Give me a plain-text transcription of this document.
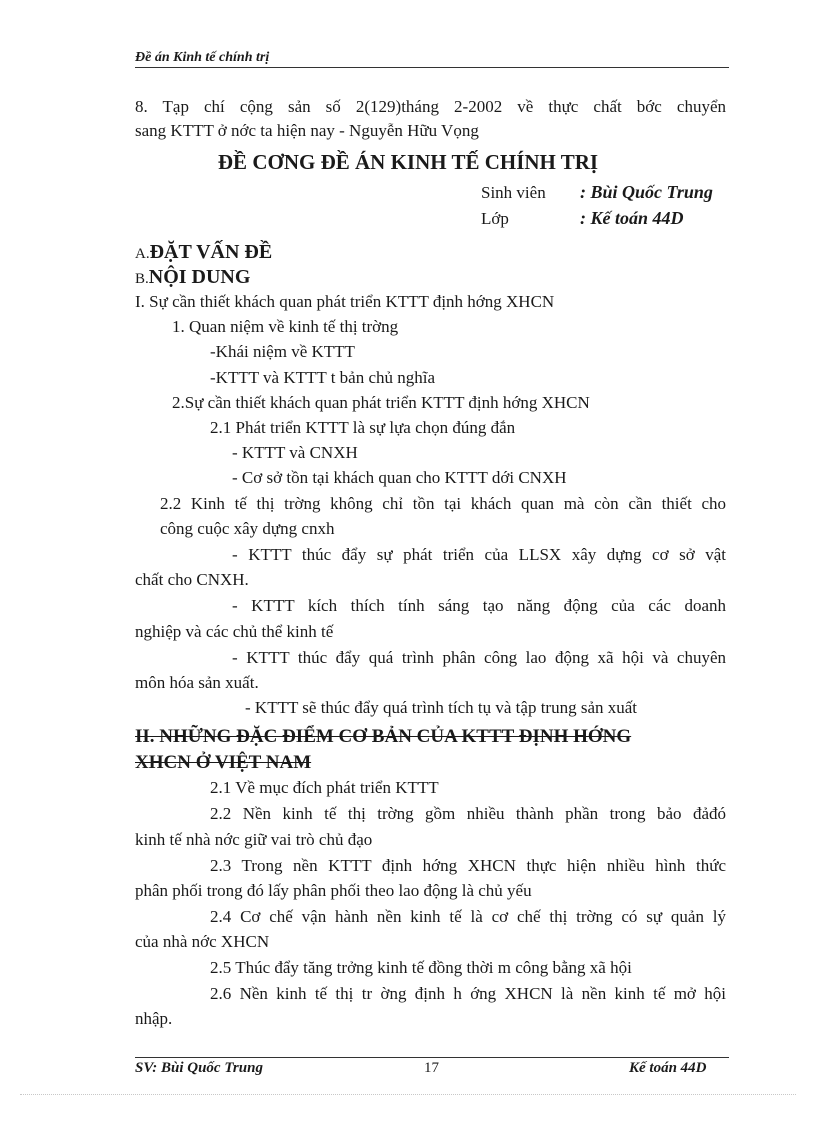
Đề án Kinh tế chính trị
8. Tạp chí cộng sản số 2(129)tháng 2-2002 về thực chất bớc chuyển
sang KTTT ở nớc ta hiện nay - Nguyễn Hữu Vọng
ĐỀ CƠNG ĐỀ ÁN KINH TẾ CHÍNH TRỊ
Sinh viên : Bùi Quốc Trung
Lớp	: Kế toán 44D
A.ĐẶT VẤN ĐỀ
B.NỘI DUNG
I. Sự cần thiết khách quan phát triển KTTT định hớng XHCN
1. Quan niệm về kinh tế thị trờng
-Khái niệm về KTTT
-KTTT và KTTT t bản chủ nghĩa
2.Sự cần thiết khách quan phát triển KTTT định hớng XHCN
2.1 Phát triển KTTT là sự lựa chọn đúng đắn
- KTTT và CNXH
- Cơ sở tồn tại khách quan cho KTTT dới CNXH
2.2 Kinh tế thị trờng không chỉ tồn tại khách quan mà còn cần thiết cho
công cuộc xây dựng cnxh
- KTTT thúc đẩy sự phát triển của LLSX xây dựng cơ sở vật
chất cho CNXH.
- KTTT kích thích tính sáng tạo năng động của các doanh
nghiệp và các chủ thể kinh tế
- KTTT thúc đẩy quá trình phân công lao động xã hội và chuyên
môn hóa sản xuất.
- KTTT sẽ thúc đẩy quá trình tích tụ và tập trung sản xuất
II. NHỮNG ĐẶC ĐIỂM CƠ BẢN CỦA KTTT ĐỊNH HỚNG
XHCN Ở VIỆT NAM
2.1 Về mục đích phát triển KTTT
2.2 Nền kinh tế thị trờng gồm nhiều thành phần trong bảo đảđó
kinh tế nhà nớc giữ vai trò chủ đạo
2.3 Trong nền KTTT định hớng XHCN thực hiện nhiều hình thức
phân phối trong đó lấy phân phối theo lao động là chủ yếu
2.4 Cơ chế vận hành nền kinh tế là cơ chế thị trờng có sự quản lý
của nhà nớc XHCN
2.5 Thúc đẩy tăng trởng kinh tế đồng thời m công bằng xã hội
2.6 Nền kinh tế thị tr ờng định h ớng XHCN là nền kinh tế mở hội
nhập.
SV: Bùi Quốc Trung	17	Kế toán 44D
